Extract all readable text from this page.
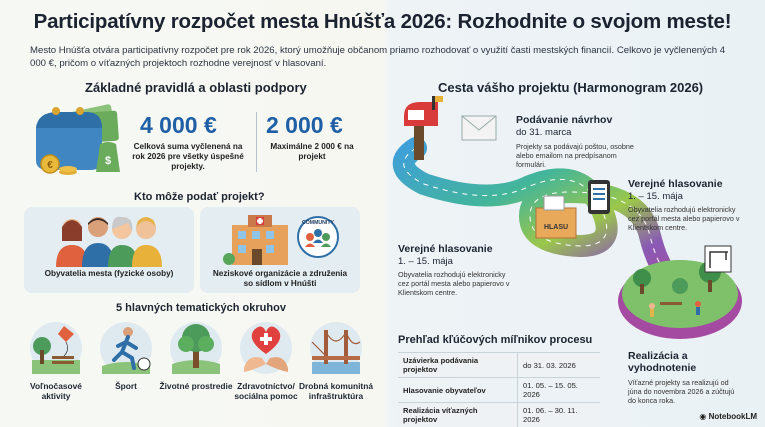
Participatívny rozpočet mesta Hnúšťa 2026: Rozhodnite o svojom meste!
Mesto Hnúšťa otvára participatívny rozpočet pre rok 2026, ktorý umožňuje občanom priamo rozhodovať o využití časti mestských financií. Celkovo je vyčlenených 4 000 €, pričom o víťazných projektoch rozhodne verejnosť v hlasovaní.
Základné pravidlá a oblasti podpory
€	$
4 000 €
Celková suma vyčlenená na rok 2026 pre všetky úspešné projekty.
2 000 €
Maximálne 2 000 € na projekt
Kto môže podať projekt?
Obyvatelia mesta (fyzické osoby)
COMMUNITY
Neziskové organizácie a združenia so sídlom v Hnúšti
5 hlavných tematických okruhov
Voľnočasové aktivity
Šport	Životné prostredie Zdravotníctvo/ sociálna pomoc
Drobná komunitná infraštruktúra
Cesta vášho projektu (Harmonogram 2026)
HLASU
Podávanie návrhov
do 31. marca
Projekty sa podávajú poštou, osobne alebo emailom na predpísanom formulári.
Verejné hlasovanie
1. – 15. mája
Obyvatelia rozhodujú elektronicky cez portál mesta alebo papierovo v Klientskom centre.
Verejné hlasovanie
1. – 15. mája
Obyvatelia rozhodujú elektronicky cez portál mesta alebo papierovo v Klientskom centre.
Realizácia a vyhodnotenie
Víťazné projekty sa realizujú od júna do novembra 2026 a zúčtujú do konca roka.
Prehľad kľúčových míľnikov procesu
Uzávierka podávania projektov	do 31. 03. 2026
Hlasovanie obyvateľov	01. 05. – 15. 05. 2026
Realizácia víťazných projektov	01. 06. – 30. 11. 2026	◉ NotebookLM
